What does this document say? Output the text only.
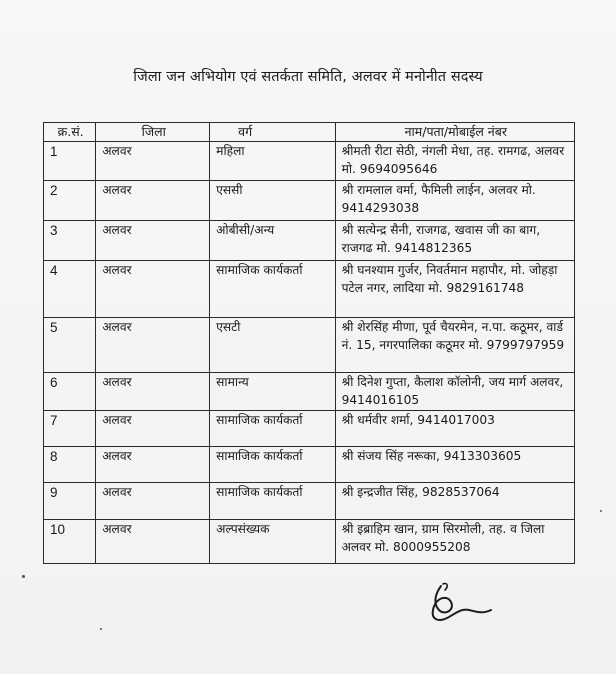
जिला जन अभियोग एवं सतर्कता समिति, अलवर में मनोनीत सदस्य
क्र.सं.	जिला	वर्ग	नाम/पता/मोबाईल नंबर
1	अलवर	महिला	श्रीमती रीटा सेठी, नंगली मेधा, तह. रामगढ, अलवर मो. 9694095646
2	अलवर	एससी	श्री रामलाल वर्मा, फैमिली लाईन, अलवर मो. 9414293038
3	अलवर	ओबीसी/अन्य	श्री सत्येन्द्र सैनी, राजगढ, खवास जी का बाग, राजगढ मो. 9414812365
4	अलवर	सामाजिक कार्यकर्ता	श्री घनश्याम गुर्जर, निवर्तमान महापौर, मो. जोहड़ा पटेल नगर, लादिया मो. 9829161748
5	अलवर	एसटी	श्री शेरसिंह मीणा, पूर्व चैयरमेन, न.पा. कठूमर, वार्ड नं. 15, नगरपालिका कठूमर मो. 9799797959
6	अलवर	सामान्य	श्री दिनेश गुप्ता, कैलाश कॉलोनी, जय मार्ग अलवर, 9414016105
7	अलवर	सामाजिक कार्यकर्ता	श्री धर्मवीर शर्मा, 9414017003
8	अलवर	सामाजिक कार्यकर्ता	श्री संजय सिंह नरूका, 9413303605
9	अलवर	सामाजिक कार्यकर्ता	श्री इन्द्रजीत सिंह, 9828537064
10	अलवर	अल्पसंख्यक	श्री इब्राहिम खान, ग्राम सिरमोली, तह. व जिला अलवर मो. 8000955208
